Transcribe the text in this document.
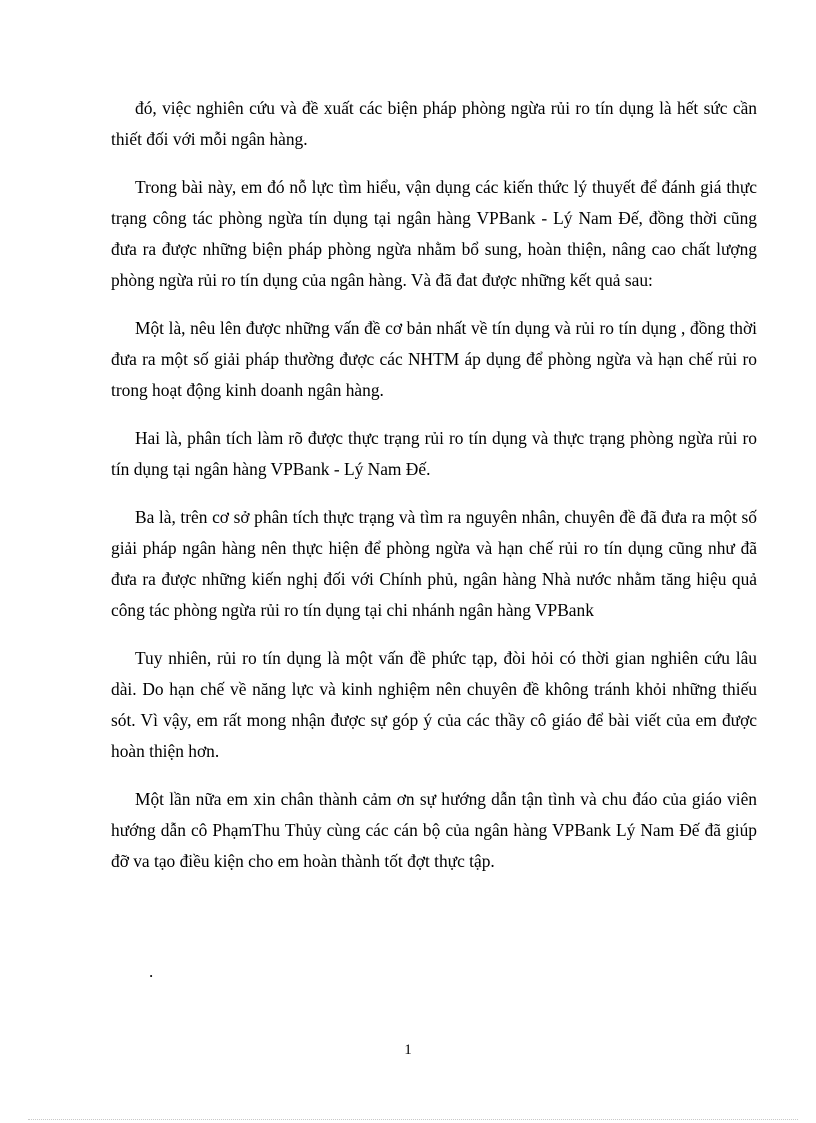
đó, việc nghiên cứu và đề xuất các biện pháp phòng ngừa rủi ro tín dụng là hết sức cần thiết đối với mỗi ngân hàng.

Trong bài này, em đó nỗ lực tìm hiểu, vận dụng các kiến thức lý thuyết để đánh giá thực trạng công tác phòng ngừa tín dụng tại ngân hàng VPBank - Lý Nam Đế, đồng thời cũng đưa ra được những biện pháp phòng ngừa nhằm bổ sung, hoàn thiện, nâng cao chất lượng phòng ngừa rủi ro tín dụng của ngân hàng. Và đã đat được những kết quả sau:

Một là, nêu lên được những vấn đề cơ bản nhất về tín dụng và rủi ro tín dụng , đồng thời đưa ra một số giải pháp thường được các NHTM áp dụng để phòng ngừa và hạn chế rủi ro trong hoạt động kinh doanh ngân hàng.

Hai là, phân tích làm rõ được thực trạng rủi ro tín dụng và thực trạng phòng ngừa rủi ro tín dụng tại ngân hàng VPBank - Lý Nam Đế.

Ba là, trên cơ sở phân tích thực trạng và tìm ra nguyên nhân, chuyên đề đã đưa ra một số giải pháp ngân hàng nên thực hiện để phòng ngừa và hạn chế rủi ro tín dụng cũng như đã đưa ra được những kiến nghị đối với Chính phủ, ngân hàng Nhà nước nhằm tăng hiệu quả công tác phòng ngừa rủi ro tín dụng tại chi nhánh ngân hàng VPBank

Tuy nhiên, rủi ro tín dụng là một vấn đề phức tạp, đòi hỏi có thời gian nghiên cứu lâu dài. Do hạn chế về năng lực và kinh nghiệm nên chuyên đề không tránh khỏi những thiếu sót. Vì vậy, em rất mong nhận được sự góp ý của các thầy cô giáo để bài viết của em được hoàn thiện hơn.

Một lần nữa em xin chân thành cảm ơn sự hướng dẫn tận tình và chu đáo của giáo viên hướng dẫn cô PhạmThu Thủy cùng các cán bộ của ngân hàng VPBank Lý Nam Đế đã giúp đỡ va tạo điều kiện cho em hoàn thành tốt đợt thực tập.

.
1
